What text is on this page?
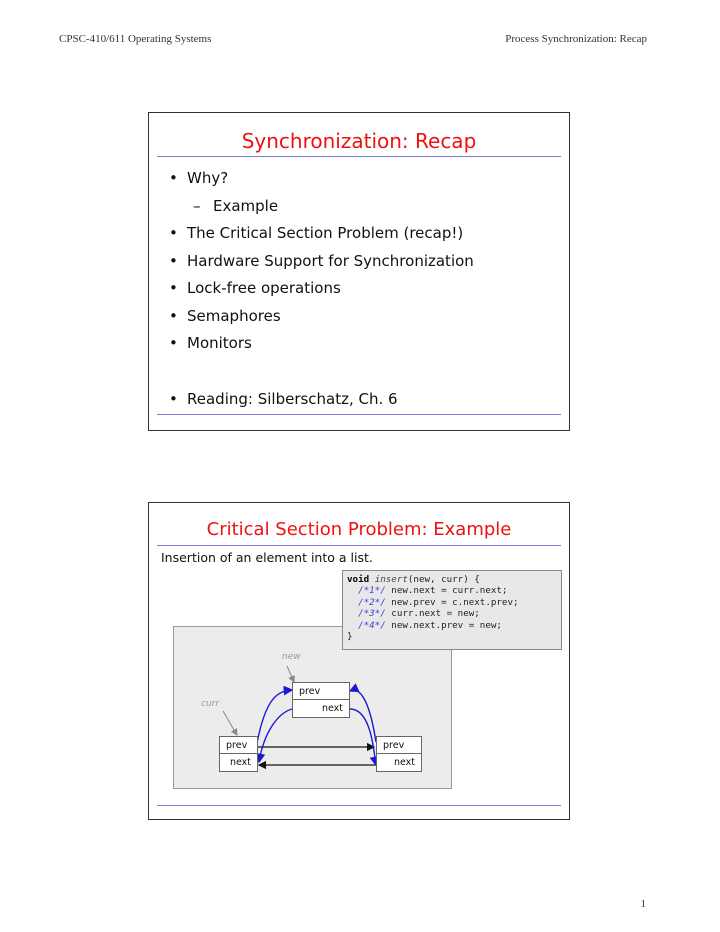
CPSC-410/611 Operating Systems	Process Synchronization: Recap
Synchronization: Recap
• Why?
– Example
• The Critical Section Problem (recap!)
• Hardware Support for Synchronization
• Lock-free operations
• Semaphores
• Monitors
• Reading: Silberschatz, Ch. 6
Critical Section Problem: Example
Insertion of an element into a list.
new
curr
prev
next
prev
next
prev
next
void insert(new, curr) {
/*1*/ new.next = curr.next;
/*2*/ new.prev = c.next.prev;
/*3*/ curr.next = new;
/*4*/ new.next.prev = new;
}
1
